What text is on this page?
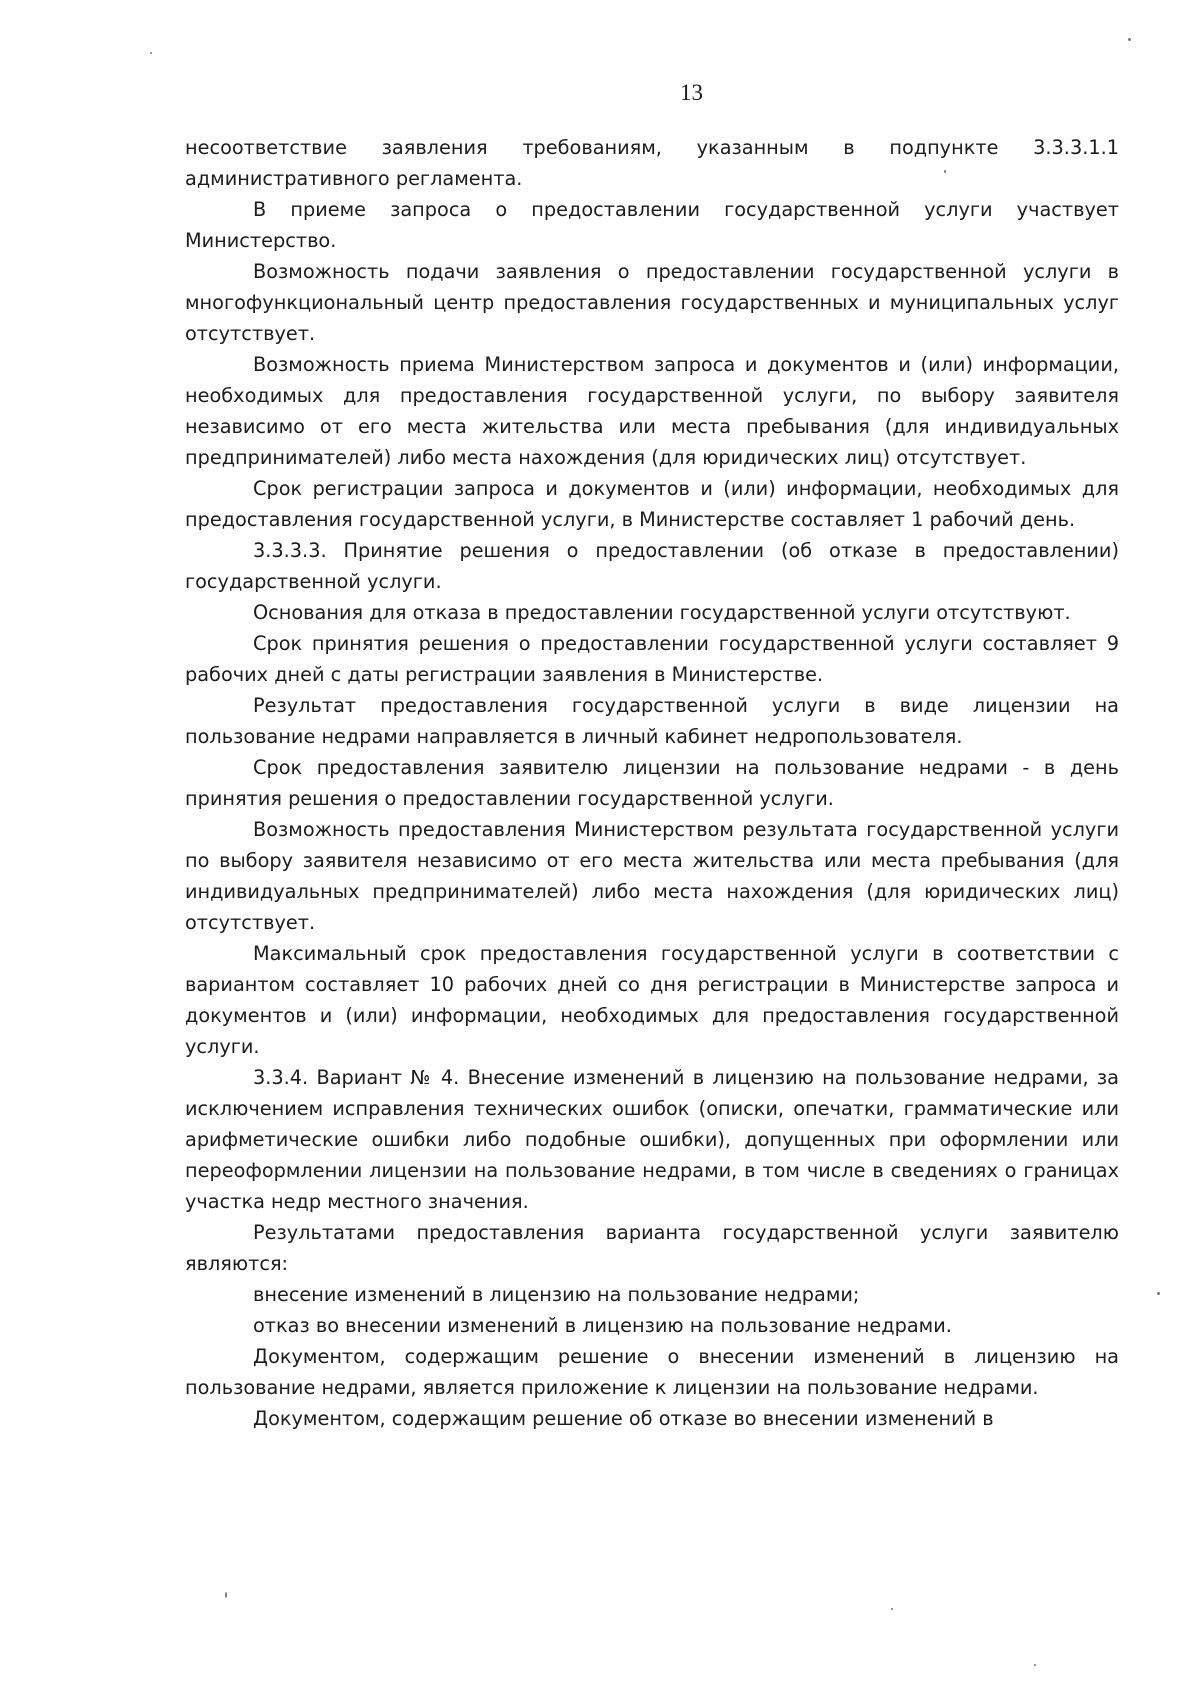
13

несоответствие заявления требованиям, указанным в подпункте 3.3.3.1.1 административного регламента.

В приеме запроса о предоставлении государственной услуги участвует Министерство.

Возможность подачи заявления о предоставлении государственной услуги в многофункциональный центр предоставления государственных и муниципальных услуг отсутствует.

Возможность приема Министерством запроса и документов и (или) информации, необходимых для предоставления государственной услуги, по выбору заявителя независимо от его места жительства или места пребывания (для индивидуальных предпринимателей) либо места нахождения (для юридических лиц) отсутствует.

Срок регистрации запроса и документов и (или) информации, необходимых для предоставления государственной услуги, в Министерстве составляет 1 рабочий день.

3.3.3.3. Принятие решения о предоставлении (об отказе в предоставлении) государственной услуги.

Основания для отказа в предоставлении государственной услуги отсутствуют.

Срок принятия решения о предоставлении государственной услуги составляет 9 рабочих дней с даты регистрации заявления в Министерстве.

Результат предоставления государственной услуги в виде лицензии на пользование недрами направляется в личный кабинет недропользователя.

Срок предоставления заявителю лицензии на пользование недрами - в день принятия решения о предоставлении государственной услуги.

Возможность предоставления Министерством результата государственной услуги по выбору заявителя независимо от его места жительства или места пребывания (для индивидуальных предпринимателей) либо места нахождения (для юридических лиц) отсутствует.

Максимальный срок предоставления государственной услуги в соответствии с вариантом составляет 10 рабочих дней со дня регистрации в Министерстве запроса и документов и (или) информации, необходимых для предоставления государственной услуги.

3.3.4. Вариант № 4. Внесение изменений в лицензию на пользование недрами, за исключением исправления технических ошибок (описки, опечатки, грамматические или арифметические ошибки либо подобные ошибки), допущенных при оформлении или переоформлении лицензии на пользование недрами, в том числе в сведениях о границах участка недр местного значения.

Результатами предоставления варианта государственной услуги заявителю являются:

внесение изменений в лицензию на пользование недрами;

отказ во внесении изменений в лицензию на пользование недрами.

Документом, содержащим решение о внесении изменений в лицензию на пользование недрами, является приложение к лицензии на пользование недрами.

Документом, содержащим решение об отказе во внесении изменений в
